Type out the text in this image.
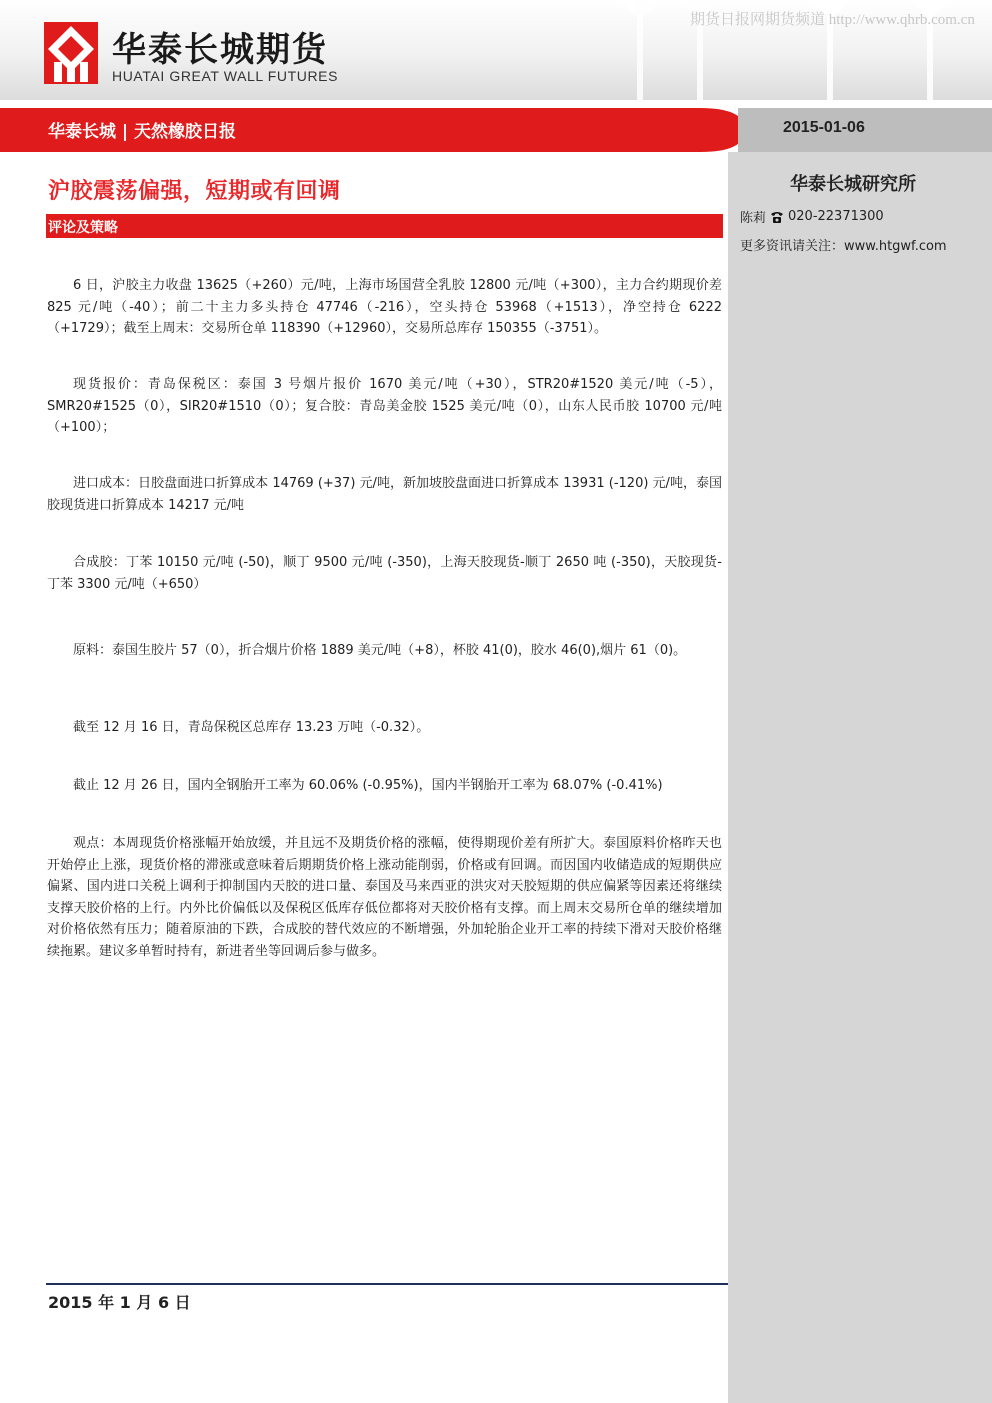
华泰长城期货
HUATAI GREAT WALL FUTURES
期货日报网期货频道 http://www.qhrb.com.cn
华泰长城 | 天然橡胶日报	2015-01-06
华泰长城研究所
陈莉 020-22371300
更多资讯请关注：www.htgwf.com
沪胶震荡偏强，短期或有回调
评论及策略

6 日，沪胶主力收盘 13625（+260）元/吨，上海市场国营全乳胶 12800 元/吨（+300），主力合约期现价差 825 元/吨（-40）；前二十主力多头持仓 47746（-216），空头持仓 53968（+1513），净空持仓 6222（+1729）；截至上周末：交易所仓单 118390（+12960），交易所总库存 150355（-3751）。

现货报价：青岛保税区：泰国 3 号烟片报价 1670 美元/吨（+30），STR20#1520 美元/吨（-5），SMR20#1525（0），SIR20#1510（0）；复合胶：青岛美金胶 1525 美元/吨（0），山东人民币胶 10700 元/吨（+100）；

进口成本：日胶盘面进口折算成本 14769 (+37) 元/吨，新加坡胶盘面进口折算成本 13931 (-120) 元/吨，泰国胶现货进口折算成本 14217 元/吨

合成胶：丁苯 10150 元/吨 (-50)，顺丁 9500 元/吨 (-350)，上海天胶现货-顺丁 2650 吨 (-350)，天胶现货-丁苯 3300 元/吨（+650）

原料：泰国生胶片 57（0），折合烟片价格 1889 美元/吨（+8），杯胶 41(0)，胶水 46(0),烟片 61（0)。

截至 12 月 16 日，青岛保税区总库存 13.23 万吨（-0.32）。

截止 12 月 26 日，国内全钢胎开工率为 60.06% (-0.95%)，国内半钢胎开工率为 68.07% (-0.41%)

观点：本周现货价格涨幅开始放缓，并且远不及期货价格的涨幅，使得期现价差有所扩大。泰国原料价格昨天也开始停止上涨，现货价格的滞涨或意味着后期期货价格上涨动能削弱，价格或有回调。而因国内收储造成的短期供应偏紧、国内进口关税上调利于抑制国内天胶的进口量、泰国及马来西亚的洪灾对天胶短期的供应偏紧等因素还将继续支撑天胶价格的上行。内外比价偏低以及保税区低库存低位都将对天胶价格有支撑。而上周末交易所仓单的继续增加对价格依然有压力；随着原油的下跌，合成胶的替代效应的不断增强，外加轮胎企业开工率的持续下滑对天胶价格继续拖累。建议多单暂时持有，新进者坐等回调后参与做多。

2015 年 1 月 6 日
